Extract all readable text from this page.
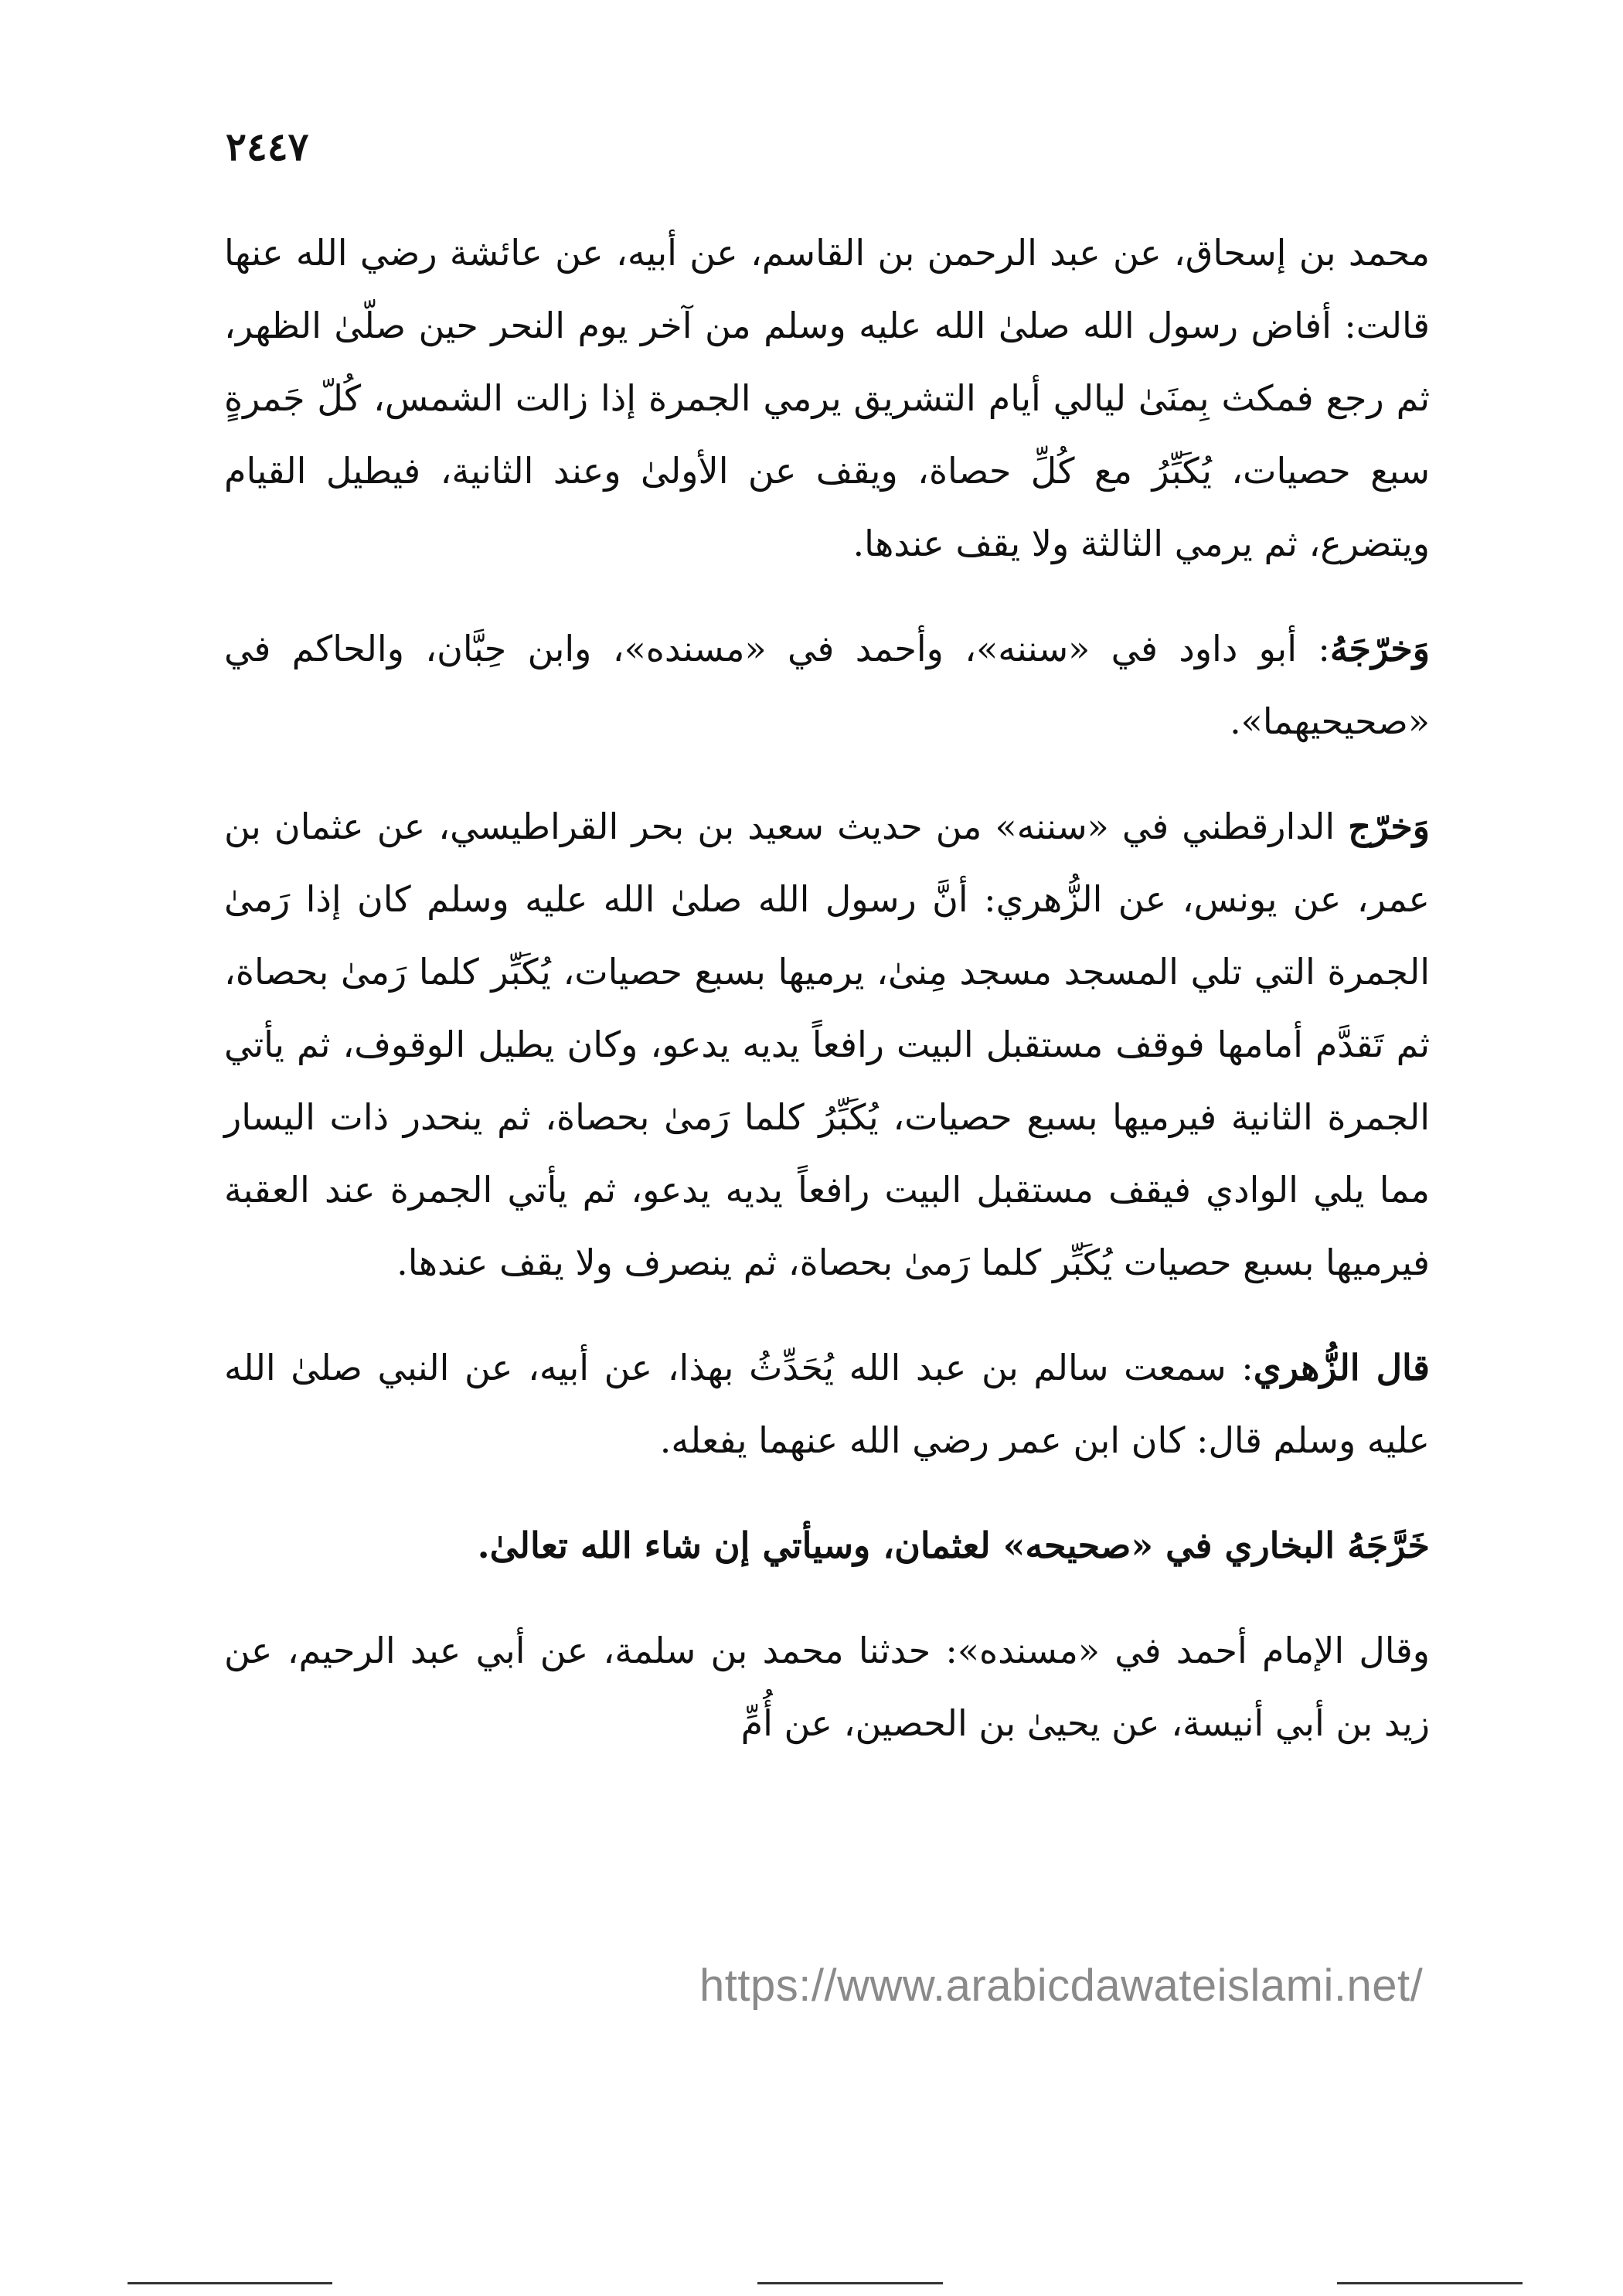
٢٤٤٧

محمد بن إسحاق، عن عبد الرحمن بن القاسم، عن أبيه، عن عائشة رضي الله عنها قالت: أفاض رسول الله صلىٰ الله عليه وسلم من آخر يوم النحر حين صلّىٰ الظهر، ثم رجع فمكث بِمنَىٰ ليالي أيام التشريق يرمي الجمرة إذا زالت الشمس، كُلّ جَمرةٍ سبع حصيات، يُكَبِّرُ مع كُلِّ حصاة، ويقف عن الأولىٰ وعند الثانية، فيطيل القيام ويتضرع، ثم يرمي الثالثة ولا يقف عندها.

وَخرّجَهُ: أبو داود في «سننه»، وأحمد في «مسنده»، وابن حِبَّان، والحاكم في «صحيحيهما».

وَخرّج الدارقطني في «سننه» من حديث سعيد بن بحر القراطيسي، عن عثمان بن عمر، عن يونس، عن الزُّهري: أنَّ رسول الله صلىٰ الله عليه وسلم كان إذا رَمىٰ الجمرة التي تلي المسجد مسجد مِنىٰ، يرميها بسبع حصيات، يُكَبِّر كلما رَمىٰ بحصاة، ثم تَقدَّم أمامها فوقف مستقبل البيت رافعاً يديه يدعو، وكان يطيل الوقوف، ثم يأتي الجمرة الثانية فيرميها بسبع حصيات، يُكَبِّرُ كلما رَمىٰ بحصاة، ثم ينحدر ذات اليسار مما يلي الوادي فيقف مستقبل البيت رافعاً يديه يدعو، ثم يأتي الجمرة عند العقبة فيرميها بسبع حصيات يُكَبِّر كلما رَمىٰ بحصاة، ثم ينصرف ولا يقف عندها.

قال الزُّهري: سمعت سالم بن عبد الله يُحَدِّثُ بهذا، عن أبيه، عن النبي صلىٰ الله عليه وسلم قال: كان ابن عمر رضي الله عنهما يفعله.

خَرَّجَهُ البخاري في «صحيحه» لعثمان، وسيأتي إن شاء الله تعالىٰ.

وقال الإمام أحمد في «مسنده»: حدثنا محمد بن سلمة، عن أبي عبد الرحيم، عن زيد بن أبي أنيسة، عن يحيىٰ بن الحصين، عن أُمِّ

https://www.arabicdawateislami.net/
